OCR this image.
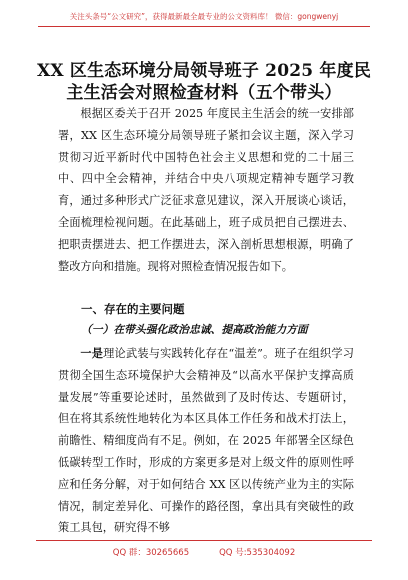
关注头条号“公文研究”，获得最新最全最专业的公文资料库！ 微信：gongwenyj
XX 区生态环境分局领导班子 2025 年度民主生活会对照检查材料（五个带头）

根据区委关于召开 2025 年度民主生活会的统一安排部署，XX 区生态环境分局领导班子紧扣会议主题，深入学习贯彻习近平新时代中国特色社会主义思想和党的二十届三中、四中全会精神，并结合中央八项规定精神专题学习教育，通过多种形式广泛征求意见建议，深入开展谈心谈话，全面梳理检视问题。在此基础上，班子成员把自己摆进去、把职责摆进去、把工作摆进去，深入剖析思想根源，明确了整改方向和措施。现将对照检查情况报告如下。

一、存在的主要问题
（一）在带头强化政治忠诚、提高政治能力方面

一是理论武装与实践转化存在“温差”。班子在组织学习贯彻全国生态环境保护大会精神及“以高水平保护支撑高质量发展”等重要论述时，虽然做到了及时传达、专题研讨，但在将其系统性地转化为本区具体工作任务和战术打法上，前瞻性、精细度尚有不足。例如，在 2025 年部署全区绿色低碳转型工作时，形成的方案更多是对上级文件的原则性呼应和任务分解，对于如何结合 XX 区以传统产业为主的实际情况，制定差异化、可操作的路径图，拿出具有突破性的政策工具包，研究得不够

QQ 群：30265665	QQ 号:535304092
